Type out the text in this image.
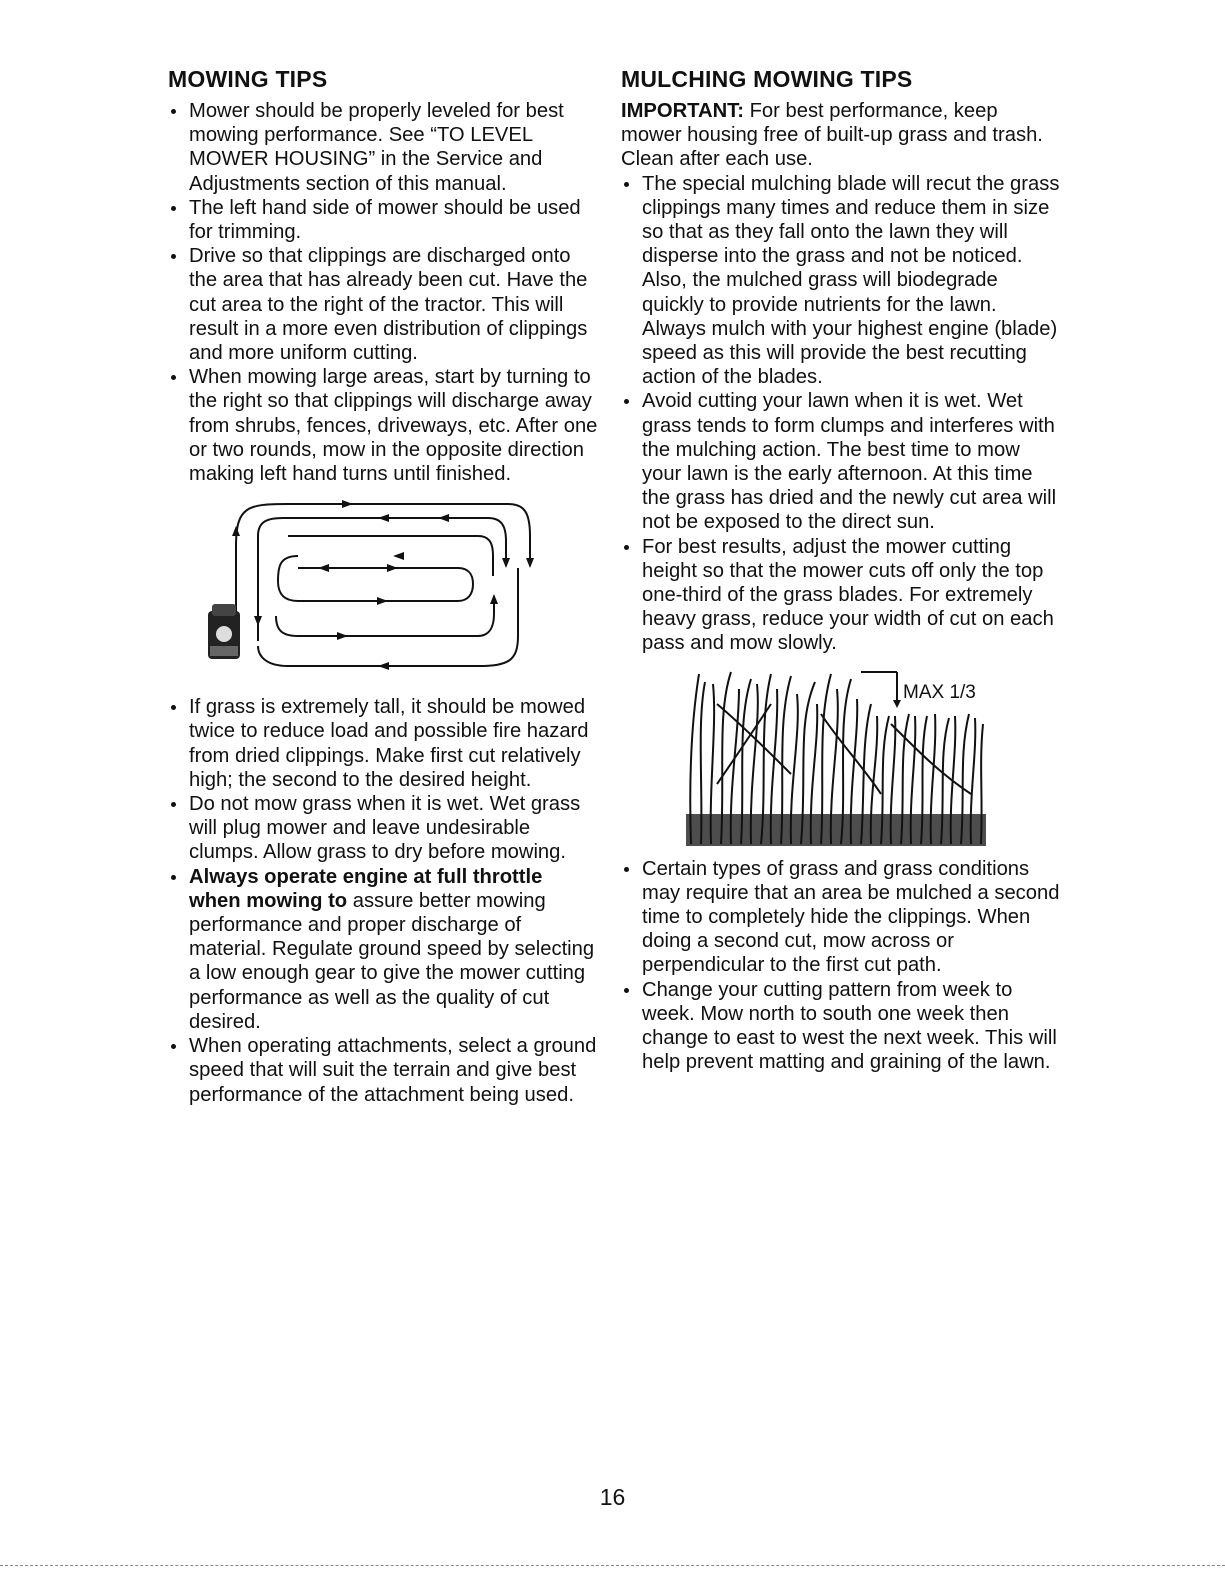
MOWING TIPS
Mower should be properly leveled for best mowing performance. See “TO LEVEL MOWER HOUSING” in the Service and Adjustments section of this manual.
The left hand side of mower should be used for trimming.
Drive so that clippings are discharged onto the area that has already been cut. Have the cut area to the right of the tractor. This will result in a more even distribution of clippings and more uniform cutting.
When mowing large areas, start by turning to the right so that clippings will discharge away from shrubs, fences, driveways, etc. After one or two rounds, mow in the opposite direction making left hand turns until finished.
If grass is extremely tall, it should be mowed twice to reduce load and possible fire hazard from dried clippings. Make first cut relatively high; the second to the desired height.
Do not mow grass when it is wet. Wet grass will plug mower and leave undesirable clumps. Allow grass to dry before mowing.
Always operate engine at full throttle when mowing to assure better mowing performance and proper discharge of material. Regulate ground speed by selecting a low enough gear to give the mower cutting performance as well as the quality of cut desired.
When operating attachments, select a ground speed that will suit the terrain and give best performance of the attachment being used.
MULCHING MOWING TIPS
IMPORTANT: For best performance, keep mower housing free of built-up grass and trash. Clean after each use.
The special mulching blade will recut the grass clippings many times and reduce them in size so that as they fall onto the lawn they will disperse into the grass and not be noticed. Also, the mulched grass will biodegrade quickly to provide nutrients for the lawn. Always mulch with your highest engine (blade) speed as this will provide the best recutting action of the blades.
Avoid cutting your lawn when it is wet. Wet grass tends to form clumps and interferes with the mulching action. The best time to mow your lawn is the early afternoon. At this time the grass has dried and the newly cut area will not be exposed to the direct sun.
For best results, adjust the mower cutting height so that the mower cuts off only the top one-third of the grass blades. For extremely heavy grass, reduce your width of cut on each pass and mow slowly.
MAX 1/3
Certain types of grass and grass conditions may require that an area be mulched a second time to completely hide the clippings. When doing a second cut, mow across or perpendicular to the first cut path.
Change your cutting pattern from week to week. Mow north to south one week then change to east to west the next week. This will help prevent matting and graining of the lawn.
16
